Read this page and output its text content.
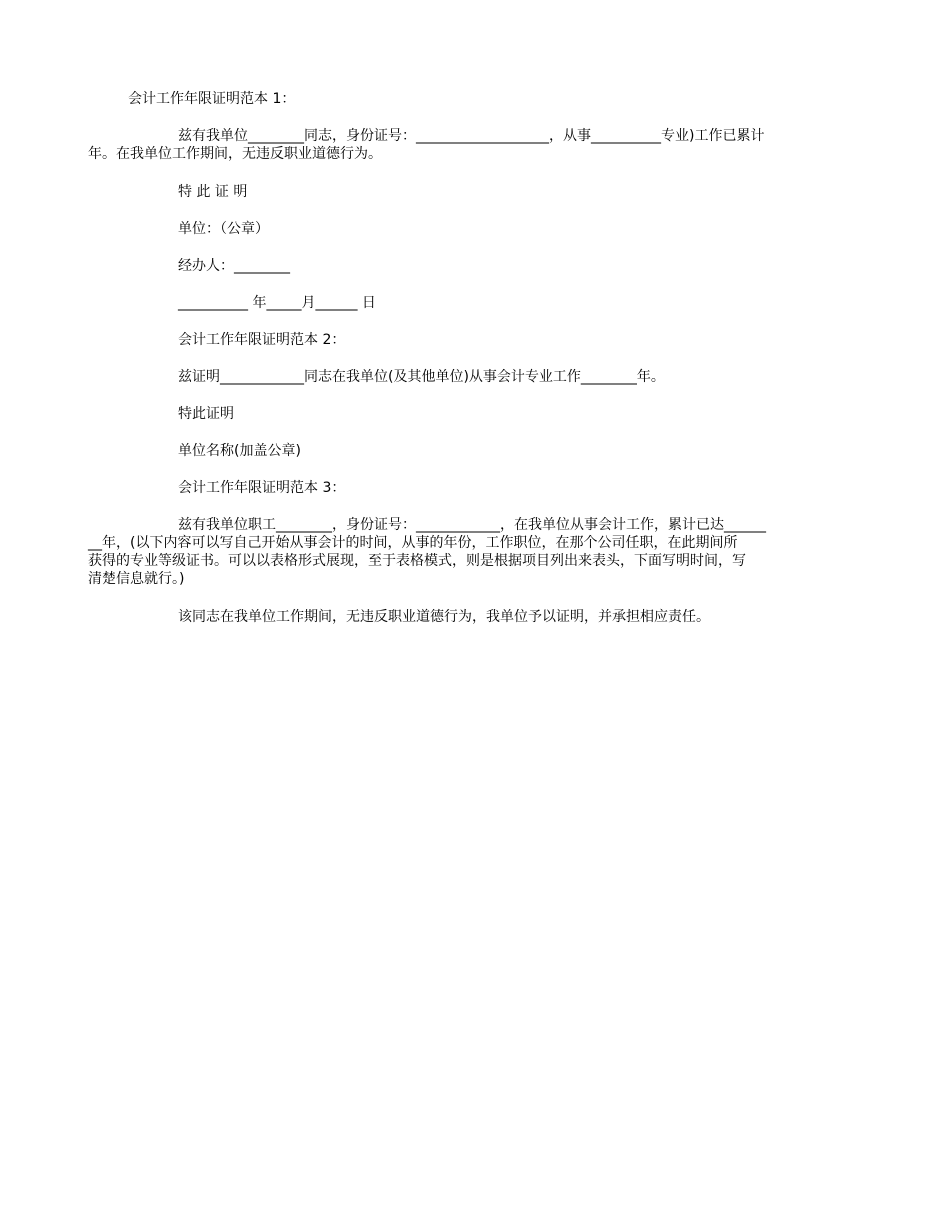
会计工作年限证明范本 1：
兹有我单位________同志，身份证号：___________________，从事__________专业)工作已累计
年。在我单位工作期间，无违反职业道德行为。
特 此 证 明
单位：（公章）
经办人：________
__________ 年_____月______ 日
会计工作年限证明范本 2：
兹证明____________同志在我单位(及其他单位)从事会计专业工作________年。
特此证明
单位名称(加盖公章)
会计工作年限证明范本 3：
兹有我单位职工________，身份证号：____________，在我单位从事会计工作，累计已达______
__年，(以下内容可以写自己开始从事会计的时间，从事的年份，工作职位，在那个公司任职，在此期间所
获得的专业等级证书。可以以表格形式展现，至于表格模式，则是根据项目列出来表头，下面写明时间，写
清楚信息就行。)
该同志在我单位工作期间，无违反职业道德行为，我单位予以证明，并承担相应责任。
